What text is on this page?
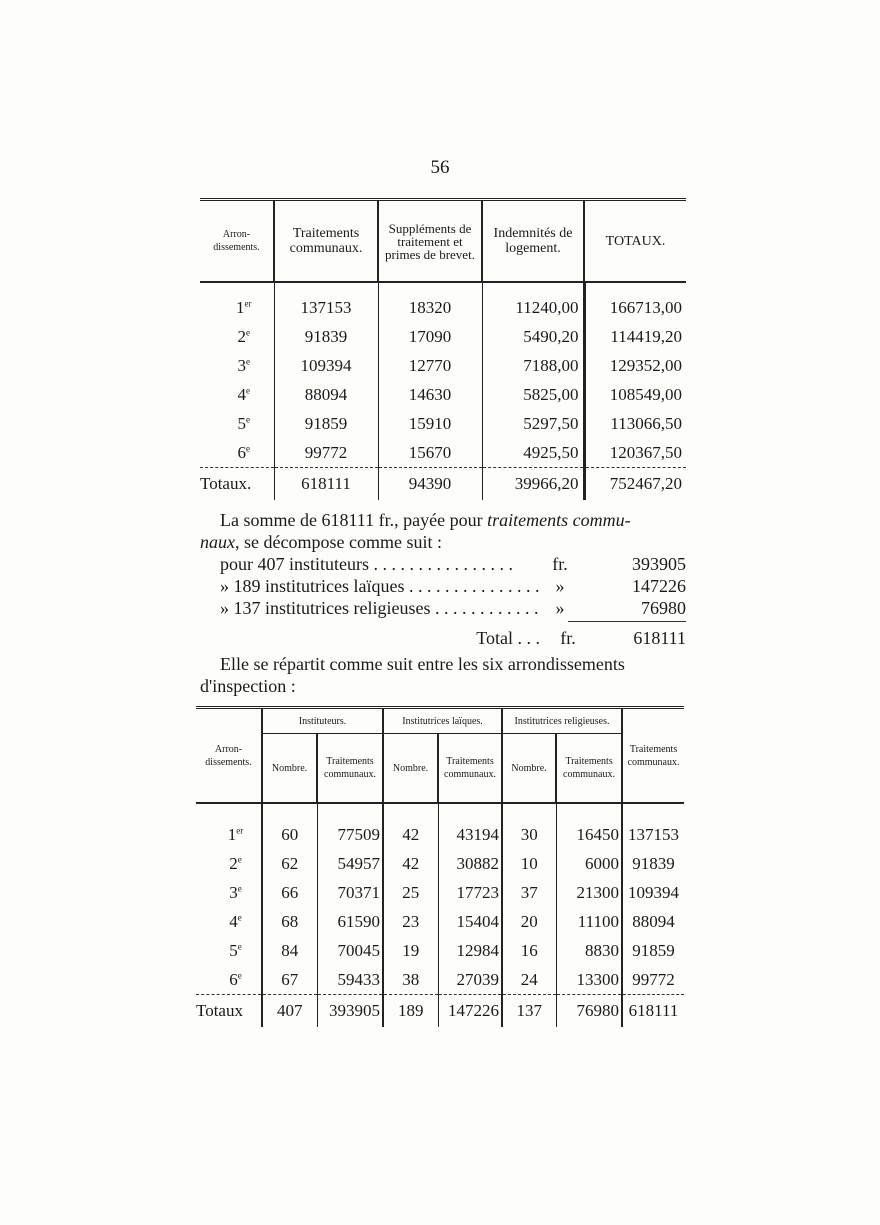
56
Arron-dissements.	Traitements communaux.	Suppléments de traitement et primes de brevet.	Indemnités de logement.	TOTAUX.

1er	137153	18320	11240,00	166713,00
2e	91839	17090	5490,20	114419,20
3e	109394	12770	7188,00	129352,00
4e	88094	14630	5825,00	108549,00
5e	91859	15910	5297,50	113066,50
6e	99772	15670	4925,50	120367,50
Totaux.	618111	94390	39966,20	752467,20
La somme de 618111 fr., payée pour traitements commu-
naux, se décompose comme suit :
pour 407 instituteurs . . .	fr.	393905
» 189 institutrices laïques . . .	»	147226
» 137 institutrices religieuses . . .	»	76980
Total . . .	fr.	618111
Elle se répartit comme suit entre les six arrondissements d'inspection :
Arron-dissements.	Instituteurs.		Institutrices laïques.		Institutrices religieuses.		Traitements communaux.
	Nombre.	Traitements communaux.	Nombre.	Traitements communaux.	Nombre.	Traitements communaux.	

1er	60	77509	42	43194	30	16450	137153
2e	62	54957	42	30882	10	6000	91839
3e	66	70371	25	17723	37	21300	109394
4e	68	61590	23	15404	20	11100	88094
5e	84	70045	19	12984	16	8830	91859
6e	67	59433	38	27039	24	13300	99772
Totaux	407	393905	189	147226	137	76980	618111
